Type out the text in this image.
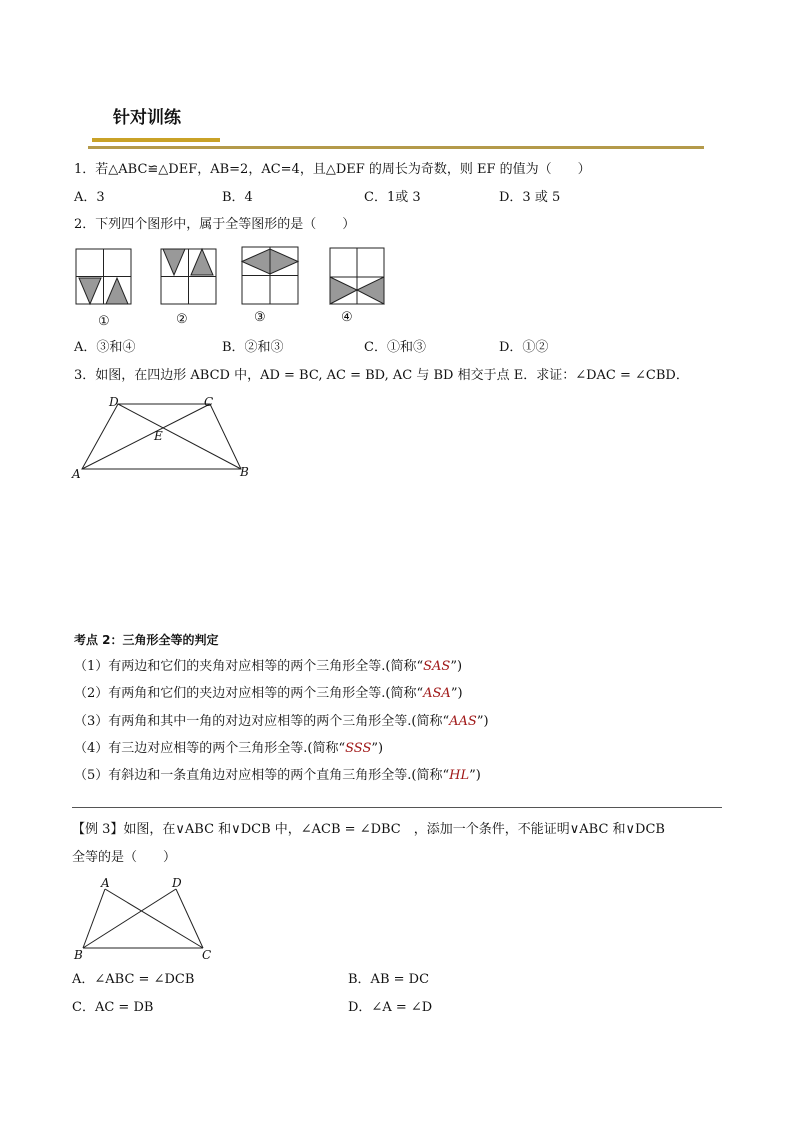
针对训练
1．若△ABC≌△DEF，AB=2，AC=4，且△DEF 的周长为奇数，则 EF 的值为（　　）
A．3	B．4	C．1或 3	D．3 或 5
2．下列四个图形中，属于全等图形的是（　　）
①	②	③	④
A．③和④	B．②和③	C．①和③	D．①②
3．如图，在四边形 ABCD 中，AD = BC, AC = BD, AC 与 BD 相交于点 E．求证：∠DAC = ∠CBD．
D	C
E
A	B
考点 2：三角形全等的判定
（1）有两边和它们的夹角对应相等的两个三角形全等.(简称“SAS”)
（2）有两角和它们的夹边对应相等的两个三角形全等.(简称“ASA”)
（3）有两角和其中一角的对边对应相等的两个三角形全等.(简称“AAS”)
（4）有三边对应相等的两个三角形全等.(简称“SSS”)
（5）有斜边和一条直角边对应相等的两个直角三角形全等.(简称“HL”)
【例 3】如图，在∨ABC 和∨DCB 中，∠ACB = ∠DBC　，添加一个条件，不能证明∨ABC 和∨DCB
全等的是（　　）
A	D
B	C
A．∠ABC = ∠DCB	B．AB = DC
C．AC = DB	D．∠A = ∠D
